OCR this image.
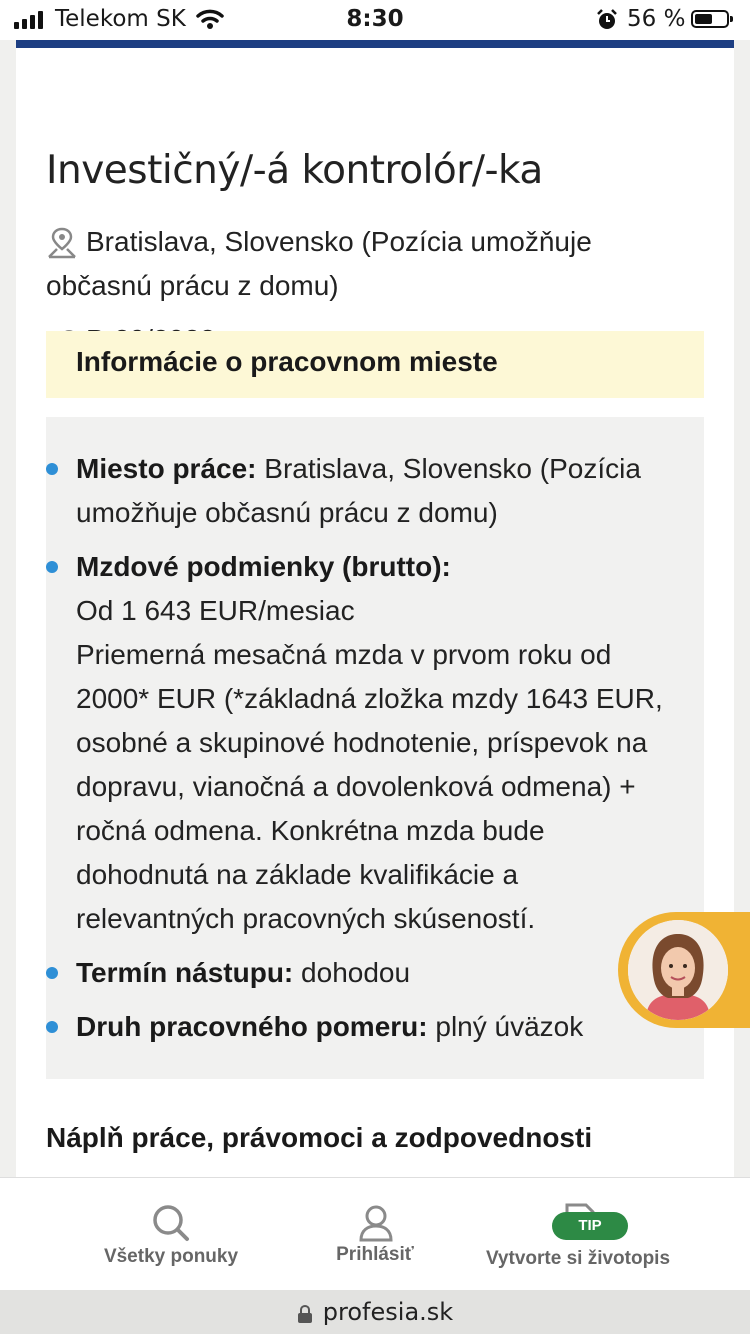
Telekom SK	8:30	56 %
Investičný/-á kontrolór/-ka
Bratislava, Slovensko (Pozícia umožňuje občasnú prácu z domu)
Informácie o pracovnom mieste
Miesto práce: Bratislava, Slovensko (Pozícia umožňuje občasnú prácu z domu)
Mzdové podmienky (brutto):
Od 1 643 EUR/mesiac
Priemerná mesačná mzda v prvom roku od 2000* EUR (*základná zložka mzdy 1643 EUR, osobné a skupinové hodnotenie, príspevok na dopravu, vianočná a dovolenková odmena) + ročná odmena. Konkrétna mzda bude dohodnutá na základe kvalifikácie a relevantných pracovných skúseností.
Termín nástupu: dohodou
Druh pracovného pomeru: plný úväzok
Náplň práce, právomoci a zodpovednosti
Všetky ponuky	Prihlásiť	Vytvorte si životopis
TIP
profesia.sk
